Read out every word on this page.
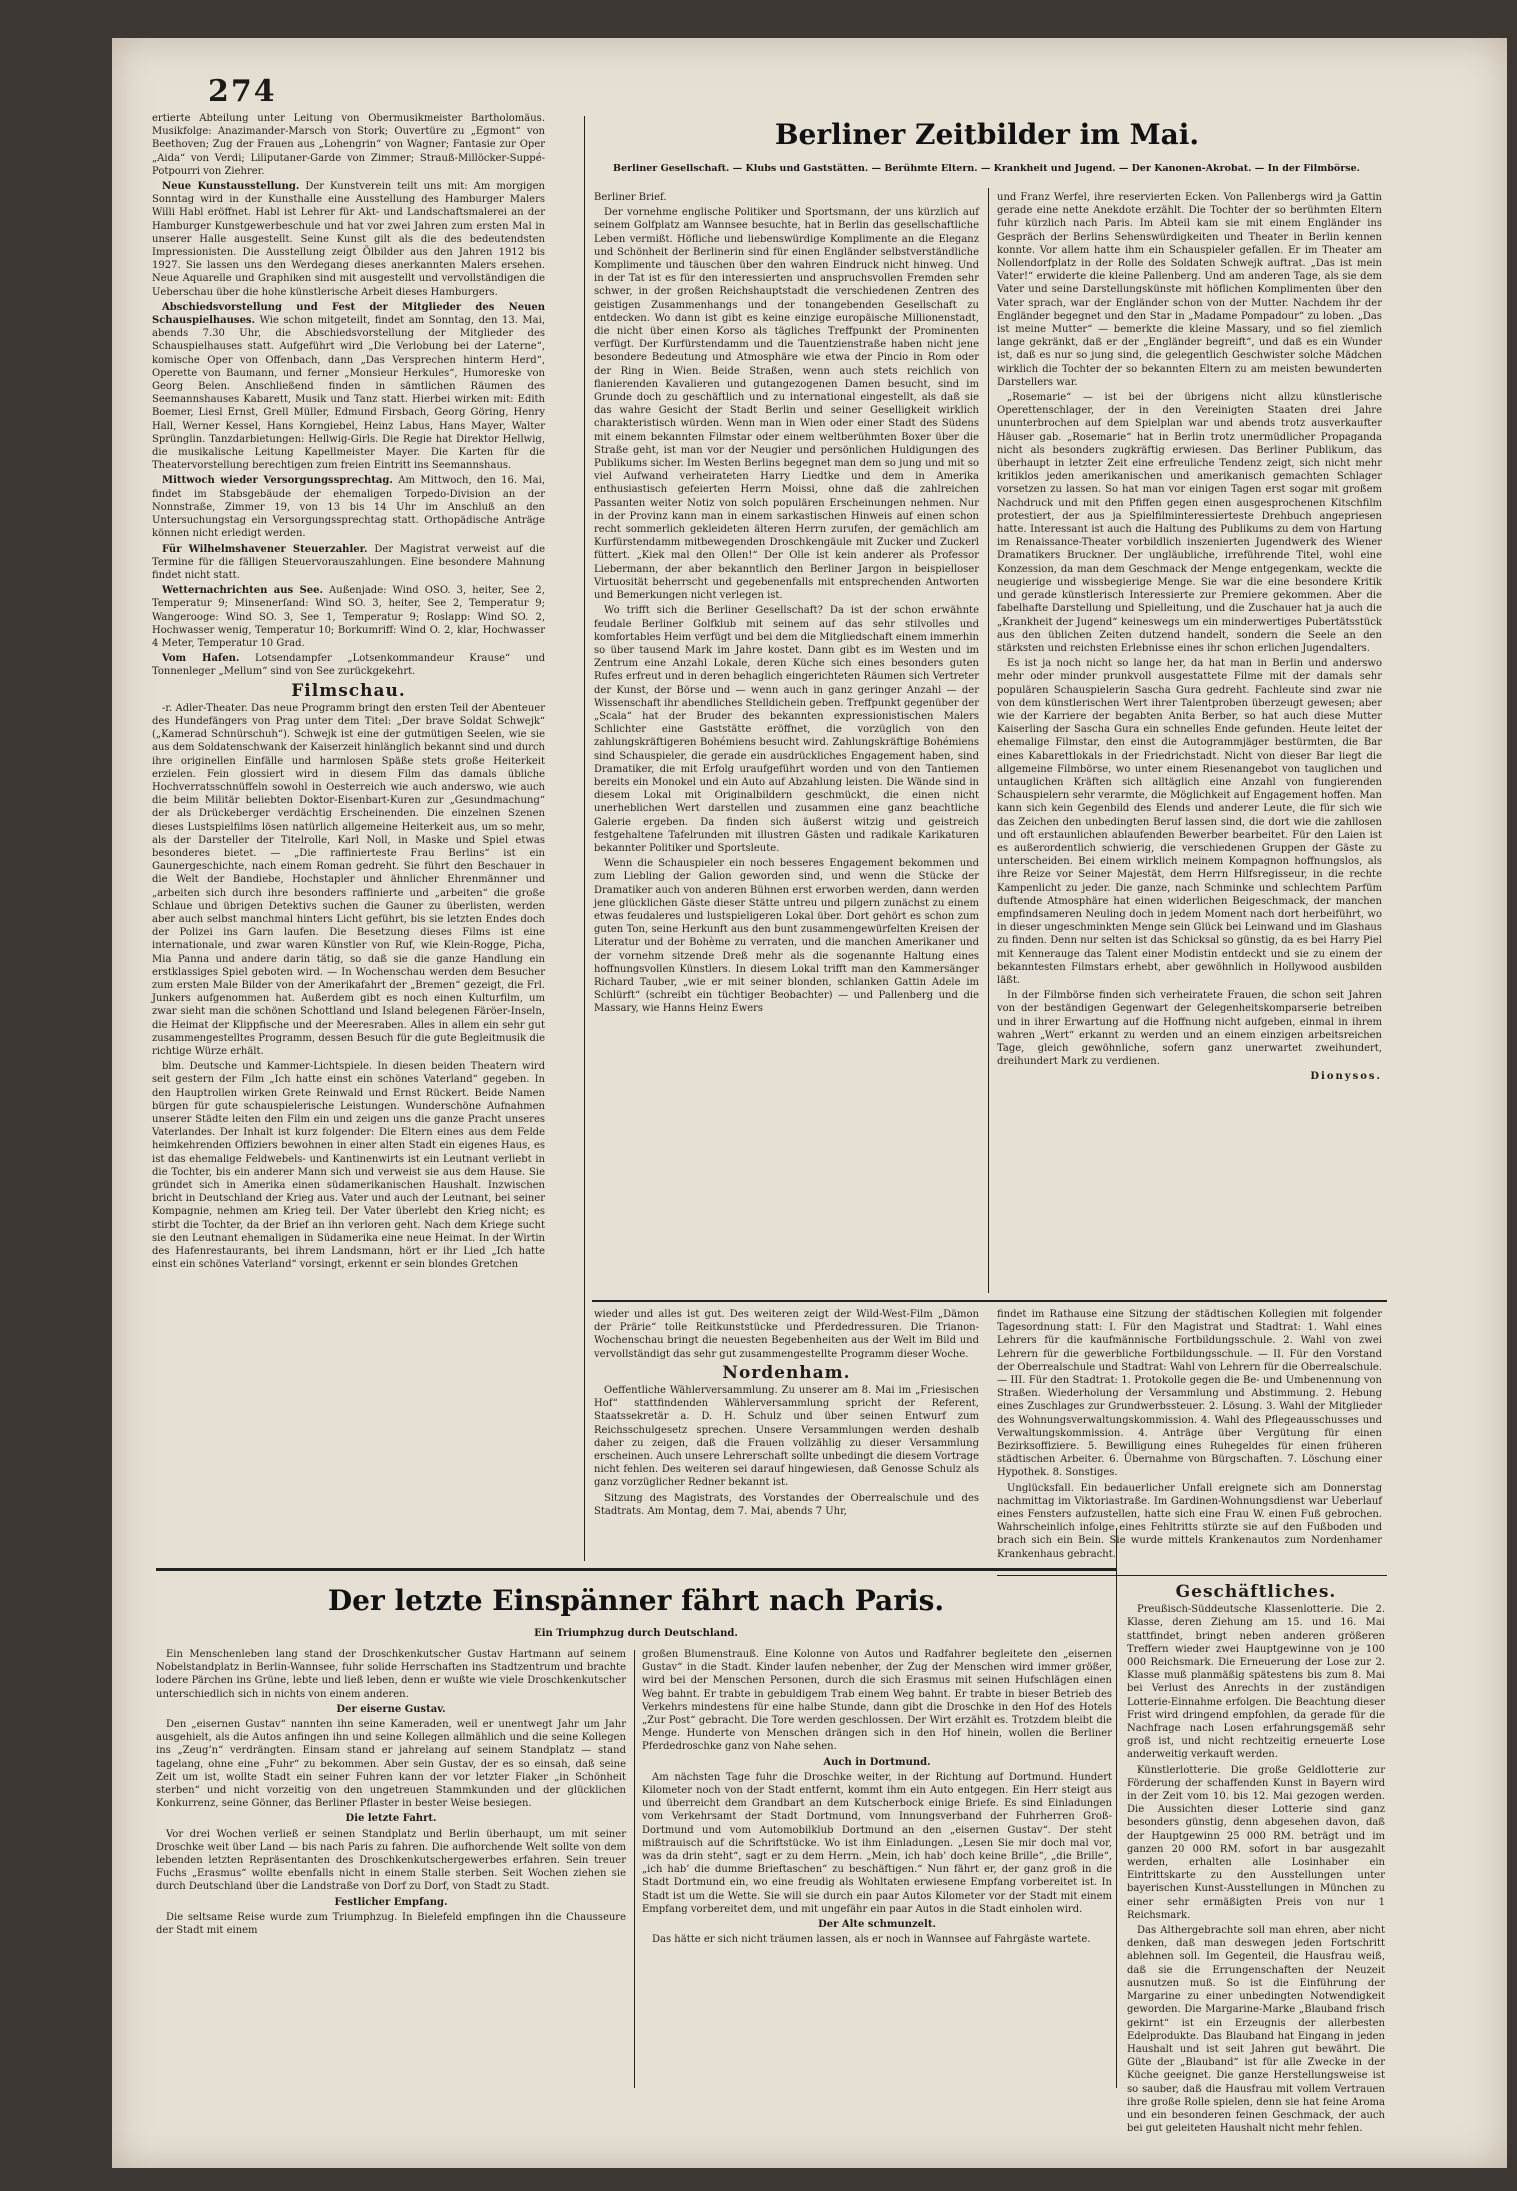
274

ertierte Abteilung unter Leitung von Obermusikmeister Bartholomäus. Musikfolge: Anazimander-Marsch von Stork; Ouvertüre zu „Egmont“ von Beethoven; Zug der Frauen aus „Lohengrin“ von Wagner; Fantasie zur Oper „Aida“ von Verdi; Liliputaner-Garde von Zimmer; Strauß-Millöcker-Suppé-Potpourri von Ziehrer.

Neue Kunstausstellung. Der Kunstverein teilt uns mit: Am morgigen Sonntag wird in der Kunsthalle eine Ausstellung des Hamburger Malers Willi Habl eröffnet. Habl ist Lehrer für Akt- und Landschaftsmalerei an der Hamburger Kunstgewerbeschule und hat vor zwei Jahren zum ersten Mal in unserer Halle ausgestellt. Seine Kunst gilt als die des bedeutendsten Impressionisten. Die Ausstellung zeigt Ölbilder aus den Jahren 1912 bis 1927. Sie lassen uns den Werdegang dieses anerkannten Malers ersehen. Neue Aquarelle und Graphiken sind mit ausgestellt und vervollständigen die Ueberschau über die hohe künstlerische Arbeit dieses Hamburgers.

Abschiedsvorstellung und Fest der Mitglieder des Neuen Schauspielhauses. Wie schon mitgeteilt, findet am Sonntag, den 13. Mai, abends 7.30 Uhr, die Abschiedsvorstellung der Mitglieder des Schauspielhauses statt. Aufgeführt wird „Die Verlobung bei der Laterne“, komische Oper von Offenbach, dann „Das Versprechen hinterm Herd“, Operette von Baumann, und ferner „Monsieur Herkules“, Humoreske von Georg Belen. Anschließend finden in sämtlichen Räumen des Seemannshauses Kabarett, Musik und Tanz statt. Hierbei wirken mit: Edith Boemer, Liesl Ernst, Grell Müller, Edmund Firsbach, Georg Göring, Henry Hall, Werner Kessel, Hans Korngiebel, Heinz Labus, Hans Mayer, Walter Sprünglin. Tanzdarbietungen: Hellwig-Girls. Die Regie hat Direktor Hellwig, die musikalische Leitung Kapellmeister Mayer. Die Karten für die Theatervorstellung berechtigen zum freien Eintritt ins Seemannshaus.

Mittwoch wieder Versorgungssprechtag. Am Mittwoch, den 16. Mai, findet im Stabsgebäude der ehemaligen Torpedo-Division an der Nonnstraße, Zimmer 19, von 13 bis 14 Uhr im Anschluß an den Untersuchungstag ein Versorgungssprechtag statt. Orthopädische Anträge können nicht erledigt werden.

Für Wilhelmshavener Steuerzahler. Der Magistrat verweist auf die Termine für die fälligen Steuervorauszahlungen. Eine besondere Mahnung findet nicht statt.

Wetternachrichten aus See. Außenjade: Wind OSO. 3, heiter, See 2, Temperatur 9; Minsenerſand: Wind SO. 3, heiter, See 2, Temperatur 9; Wangerooge: Wind SO. 3, See 1, Temperatur 9; Roslapp: Wind SO. 2, Hochwasser wenig, Temperatur 10; Borkumriff: Wind O. 2, klar, Hochwasser 4 Meter, Temperatur 10 Grad.

Vom Hafen. Lotsendampfer „Lotsenkommandeur Krause“ und Tonnenleger „Mellum“ sind von See zurückgekehrt.

Filmschau.

-r. Adler-Theater. Das neue Programm bringt den ersten Teil der Abenteuer des Hundefängers von Prag unter dem Titel: „Der brave Soldat Schwejk“ („Kamerad Schnürschuh“). Schwejk ist eine der gutmütigen Seelen, wie sie aus dem Soldatenschwank der Kaiserzeit hinlänglich bekannt sind und durch ihre originellen Einfälle und harmlosen Späße stets große Heiterkeit erzielen. Fein glossiert wird in diesem Film das damals übliche Hochverratsschnüffeln sowohl in Oesterreich wie auch anderswo, wie auch die beim Militär beliebten Doktor-Eisenbart-Kuren zur „Gesundmachung“ der als Drückeberger verdächtig Erscheinenden. Die einzelnen Szenen dieses Lustspielfilms lösen natürlich allgemeine Heiterkeit aus, um so mehr, als der Darsteller der Titelrolle, Karl Noll, in Maske und Spiel etwas besonderes bietet. — „Die raffinierteste Frau Berlins“ ist ein Gaunergeschichte, nach einem Roman gedreht. Sie führt den Beschauer in die Welt der Bandiebe, Hochstapler und ähnlicher Ehrenmänner und „arbeiten sich durch ihre besonders raffinierte und „arbeiten“ die große Schlaue und übrigen Detektivs suchen die Gauner zu überlisten, werden aber auch selbst manchmal hinters Licht geführt, bis sie letzten Endes doch der Polizei ins Garn laufen. Die Besetzung dieses Films ist eine internationale, und zwar waren Künstler von Ruf, wie Klein-Rogge, Picha, Mia Panna und andere darin tätig, so daß sie die ganze Handlung ein erstklassiges Spiel geboten wird. — In Wochenschau werden dem Besucher zum ersten Male Bilder von der Amerikafahrt der „Bremen“ gezeigt, die Frl. Junkers aufgenommen hat. Außerdem gibt es noch einen Kulturfilm, um zwar sieht man die schönen Schottland und Island belegenen Färöer-Inseln, die Heimat der Klippfische und der Meeresraben. Alles in allem ein sehr gut zusammengestelltes Programm, dessen Besuch für die gute Begleitmusik die richtige Würze erhält.

blm. Deutsche und Kammer-Lichtspiele. In diesen beiden Theatern wird seit gestern der Film „Ich hatte einst ein schönes Vaterland“ gegeben. In den Hauptrollen wirken Grete Reinwald und Ernst Rückert. Beide Namen bürgen für gute schauspielerische Leistungen. Wunderschöne Aufnahmen unserer Städte leiten den Film ein und zeigen uns die ganze Pracht unseres Vaterlandes. Der Inhalt ist kurz folgender: Die Eltern eines aus dem Felde heimkehrenden Offiziers bewohnen in einer alten Stadt ein eigenes Haus, es ist das ehemalige Feldwebels- und Kantinenwirts ist ein Leutnant verliebt in die Tochter, bis ein anderer Mann sich und verweist sie aus dem Hause. Sie gründet sich in Amerika einen südamerikanischen Haushalt. Inzwischen bricht in Deutschland der Krieg aus. Vater und auch der Leutnant, bei seiner Kompagnie, nehmen am Krieg teil. Der Vater überlebt den Krieg nicht; es stirbt die Tochter, da der Brief an ihn verloren geht. Nach dem Kriege sucht sie den Leutnant ehemaligen in Südamerika eine neue Heimat. In der Wirtin des Hafenrestaurants, bei ihrem Landsmann, hört er ihr Lied „Ich hatte einst ein schönes Vaterland“ vorsingt, erkennt er sein blondes Gretchen

Berliner Zeitbilder im Mai.
Berliner Gesellschaft. — Klubs und Gaststätten. — Berühmte Eltern. — Krankheit und Jugend. — Der Kanonen-Akrobat. — In der Filmbörse.

Berliner Brief.

Der vornehme englische Politiker und Sportsmann, der uns kürzlich auf seinem Golfplatz am Wannsee besuchte, hat in Berlin das gesellschaftliche Leben vermißt. Höfliche und liebenswürdige Komplimente an die Eleganz und Schönheit der Berlinerin sind für einen Engländer selbstverständliche Komplimente und täuschen über den wahren Eindruck nicht hinweg. Und in der Tat ist es für den interessierten und anspruchsvollen Fremden sehr schwer, in der großen Reichshauptstadt die verschiedenen Zentren des geistigen Zusammenhangs und der tonangebenden Gesellschaft zu entdecken. Wo dann ist gibt es keine einzige europäische Millionenstadt, die nicht über einen Korso als tägliches Treffpunkt der Prominenten verfügt. Der Kurfürstendamm und die Tauentzienstraße haben nicht jene besondere Bedeutung und Atmosphäre wie etwa der Pincio in Rom oder der Ring in Wien. Beide Straßen, wenn auch stets reichlich von flanierenden Kavalieren und gutangezogenen Damen besucht, sind im Grunde doch zu geschäftlich und zu international eingestellt, als daß sie das wahre Gesicht der Stadt Berlin und seiner Geselligkeit wirklich charakteristisch würden. Wenn man in Wien oder einer Stadt des Südens mit einem bekannten Filmstar oder einem weltberühmten Boxer über die Straße geht, ist man vor der Neugier und persönlichen Huldigungen des Publikums sicher. Im Westen Berlins begegnet man dem so jung und mit so viel Aufwand verheirateten Harry Liedtke und dem in Amerika enthusiastisch gefeierten Herrn Moissi, ohne daß die zahlreichen Passanten weiter Notiz von solch populären Erscheinungen nehmen. Nur in der Provinz kann man in einem sarkastischen Hinweis auf einen schon recht sommerlich gekleideten älteren Herrn zurufen, der gemächlich am Kurfürstendamm mitbewegenden Droschkengäule mit Zucker und Zuckerl füttert. „Kiek mal den Ollen!“ Der Olle ist kein anderer als Professor Liebermann, der aber bekanntlich den Berliner Jargon in beispielloser Virtuosität beherrscht und gegebenenfalls mit entsprechenden Antworten und Bemerkungen nicht verlegen ist.

Wo trifft sich die Berliner Gesellschaft? Da ist der schon erwähnte feudale Berliner Golfklub mit seinem auf das sehr stilvolles und komfortables Heim verfügt und bei dem die Mitgliedschaft einem immerhin so über tausend Mark im Jahre kostet. Dann gibt es im Westen und im Zentrum eine Anzahl Lokale, deren Küche sich eines besonders guten Rufes erfreut und in deren behaglich eingerichteten Räumen sich Vertreter der Kunst, der Börse und — wenn auch in ganz geringer Anzahl — der Wissenschaft ihr abendliches Stelldichein geben. Treffpunkt gegenüber der „Scala“ hat der Bruder des bekannten expressionistischen Malers Schlichter eine Gaststätte eröffnet, die vorzüglich von den zahlungskräftigeren Bohémiens besucht wird. Zahlungskräftige Bohémiens sind Schauspieler, die gerade ein ausdrückliches Engagement haben, sind Dramatiker, die mit Erfolg uraufgeführt worden und von den Tantiemen bereits ein Monokel und ein Auto auf Abzahlung leisten. Die Wände sind in diesem Lokal mit Originalbildern geschmückt, die einen nicht unerheblichen Wert darstellen und zusammen eine ganz beachtliche Galerie ergeben. Da finden sich äußerst witzig und geistreich festgehaltene Tafelrunden mit illustren Gästen und radikale Karikaturen bekannter Politiker und Sportsleute.

Wenn die Schauspieler ein noch besseres Engagement bekommen und zum Liebling der Galion geworden sind, und wenn die Stücke der Dramatiker auch von anderen Bühnen erst erworben werden, dann werden jene glücklichen Gäste dieser Stätte untreu und pilgern zunächst zu einem etwas feudaleres und lustspieligeren Lokal über. Dort gehört es schon zum guten Ton, seine Herkunft aus den bunt zusammengewürfelten Kreisen der Literatur und der Bohème zu verraten, und die manchen Amerikaner und der vornehm sitzende Dreß mehr als die sogenannte Haltung eines hoffnungsvollen Künstlers. In diesem Lokal trifft man den Kammersänger Richard Tauber, „wie er mit seiner blonden, schlanken Gattin Adele im Schlürft“ (schreibt ein tüchtiger Beobachter) — und Pallenberg und die Massary, wie Hanns Heinz Ewers

und Franz Werfel, ihre reservierten Ecken. Von Pallenbergs wird ja Gattin gerade eine nette Anekdote erzählt. Die Tochter der so berühmten Eltern fuhr kürzlich nach Paris. Im Abteil kam sie mit einem Engländer ins Gespräch der Berlins Sehenswürdigkeiten und Theater in Berlin kennen konnte. Vor allem hatte ihm ein Schauspieler gefallen. Er im Theater am Nollendorfplatz in der Rolle des Soldaten Schwejk auftrat. „Das ist mein Vater!“ erwiderte die kleine Pallenberg. Und am anderen Tage, als sie dem Vater und seine Darstellungskünste mit höflichen Komplimenten über den Vater sprach, war der Engländer schon von der Mutter. Nachdem ihr der Engländer begegnet und den Star in „Madame Pompadour“ zu loben. „Das ist meine Mutter“ — bemerkte die kleine Massary, und so fiel ziemlich lange gekränkt, daß er der „Engländer begreift“, und daß es ein Wunder ist, daß es nur so jung sind, die gelegentlich Geschwister solche Mädchen wirklich die Tochter der so bekannten Eltern zu am meisten bewunderten Darstellers war.

„Rosemarie“ — ist bei der übrigens nicht allzu künstlerische Operettenschlager, der in den Vereinigten Staaten drei Jahre ununterbrochen auf dem Spielplan war und abends trotz ausverkaufter Häuser gab. „Rosemarie“ hat in Berlin trotz unermüdlicher Propaganda nicht als besonders zugkräftig erwiesen. Das Berliner Publikum, das überhaupt in letzter Zeit eine erfreuliche Tendenz zeigt, sich nicht mehr kritiklos jeden amerikanischen und amerikanisch gemachten Schlager vorsetzen zu lassen. So hat man vor einigen Tagen erst sogar mit großem Nachdruck und mit den Pfiffen gegen einen ausgesprochenen Kitschfilm protestiert, der aus ja Spielfilminteressierteste Drehbuch angepriesen hatte. Interessant ist auch die Haltung des Publikums zu dem von Hartung im Renaissance-Theater vorbildlich inszenierten Jugendwerk des Wiener Dramatikers Bruckner. Der ungläubliche, irreführende Titel, wohl eine Konzession, da man dem Geschmack der Menge entgegenkam, weckte die neugierige und wissbegierige Menge. Sie war die eine besondere Kritik und gerade künstlerisch Interessierte zur Premiere gekommen. Aber die fabelhafte Darstellung und Spielleitung, und die Zuschauer hat ja auch die „Krankheit der Jugend“ keineswegs um ein minderwertiges Pubertätsstück aus den üblichen Zeiten dutzend handelt, sondern die Seele an den stärksten und reichsten Erlebnisse eines ihr schon erlichen Jugendalters.

Es ist ja noch nicht so lange her, da hat man in Berlin und anderswo mehr oder minder prunkvoll ausgestattete Filme mit der damals sehr populären Schauspielerin Sascha Gura gedreht. Fachleute sind zwar nie von dem künstlerischen Wert ihrer Talentproben überzeugt gewesen; aber wie der Karriere der begabten Anita Berber, so hat auch diese Mutter Kaiserling der Sascha Gura ein schnelles Ende gefunden. Heute leitet der ehemalige Filmstar, den einst die Autogrammjäger bestürmten, die Bar eines Kabarettlokals in der Friedrichstadt. Nicht von dieser Bar liegt die allgemeine Filmbörse, wo unter einem Riesenangebot von tauglichen und untauglichen Kräften sich alltäglich eine Anzahl von fungierenden Schauspielern sehr verarmte, die Möglichkeit auf Engagement hoffen. Man kann sich kein Gegenbild des Elends und anderer Leute, die für sich wie das Zeichen den unbedingten Beruf lassen sind, die dort wie die zahllosen und oft erstaunlichen ablaufenden Bewerber bearbeitet. Für den Laien ist es außerordentlich schwierig, die verschiedenen Gruppen der Gäste zu unterscheiden. Bei einem wirklich meinem Kompagnon hoffnungslos, als ihre Reize vor Seiner Majestät, dem Herrn Hilfsregisseur, in die rechte Kampenlicht zu jeder. Die ganze, nach Schminke und schlechtem Parfüm duftende Atmosphäre hat einen widerlichen Beigeschmack, der manchen empfindsameren Neuling doch in jedem Moment nach dort herbeiführt, wo in dieser ungeschminkten Menge sein Glück bei Leinwand und im Glashaus zu finden. Denn nur selten ist das Schicksal so günstig, da es bei Harry Piel mit Kennerauge das Talent einer Modistin entdeckt und sie zu einem der bekanntesten Filmstars erhebt, aber gewöhnlich in Hollywood ausbilden läßt.

In der Filmbörse finden sich verheiratete Frauen, die schon seit Jahren von der beständigen Gegenwart der Gelegenheitskomparserie betreiben und in ihrer Erwartung auf die Hoffnung nicht aufgeben, einmal in ihrem wahren „Wert“ erkannt zu werden und an einem einzigen arbeitsreichen Tage, gleich gewöhnliche, sofern ganz unerwartet zweihundert, dreihundert Mark zu verdienen.

Dionysos.

wieder und alles ist gut. Des weiteren zeigt der Wild-West-Film „Dämon der Prärie“ tolle Reitkunststücke und Pferdedressuren. Die Trianon-Wochenschau bringt die neuesten Begebenheiten aus der Welt im Bild und vervollständigt das sehr gut zusammengestellte Programm dieser Woche.

Nordenham.

Oeffentliche Wählerversammlung. Zu unserer am 8. Mai im „Friesischen Hof“ stattfindenden Wählerversammlung spricht der Referent, Staatssekretär a. D. H. Schulz und über seinen Entwurf zum Reichsschulgesetz sprechen. Unsere Versammlungen werden deshalb daher zu zeigen, daß die Frauen vollzählig zu dieser Versammlung erscheinen. Auch unsere Lehrerschaft sollte unbedingt die diesem Vortrage nicht fehlen. Des weiteren sei darauf hingewiesen, daß Genosse Schulz als ganz vorzüglicher Redner bekannt ist.

Sitzung des Magistrats, des Vorstandes der Oberrealschule und des Stadtrats. Am Montag, dem 7. Mai, abends 7 Uhr,

findet im Rathause eine Sitzung der städtischen Kollegien mit folgender Tagesordnung statt: I. Für den Magistrat und Stadtrat: 1. Wahl eines Lehrers für die kaufmännische Fortbildungsschule. 2. Wahl von zwei Lehrern für die gewerbliche Fortbildungsschule. — II. Für den Vorstand der Oberrealschule und Stadtrat: Wahl von Lehrern für die Oberrealschule. — III. Für den Stadtrat: 1. Protokolle gegen die Be- und Umbenennung von Straßen. Wiederholung der Versammlung und Abstimmung. 2. Hebung eines Zuschlages zur Grundwerbssteuer. 2. Lösung. 3. Wahl der Mitglieder des Wohnungsverwaltungskommission. 4. Wahl des Pflegeausschusses und Verwaltungskommission. 4. Anträge über Vergütung für einen Bezirksoffiziere. 5. Bewilligung eines Ruhegeldes für einen früheren städtischen Arbeiter. 6. Übernahme von Bürgschaften. 7. Löschung einer Hypothek. 8. Sonstiges.

Unglücksfall. Ein bedauerlicher Unfall ereignete sich am Donnerstag nachmittag im Viktoriastraße. Im Gardinen-Wohnungsdienst war Ueberlauf eines Fensters aufzustellen, hatte sich eine Frau W. einen Fuß gebrochen. Wahrscheinlich infolge eines Fehltritts stürzte sie auf den Fußboden und brach sich ein Bein. Sie wurde mittels Krankenautos zum Nordenhamer Krankenhaus gebracht.

Der letzte Einspänner fährt nach Paris.
Ein Triumphzug durch Deutschland.

Ein Menschenleben lang stand der Droschkenkutscher Gustav Hartmann auf seinem Nobelstandplatz in Berlin-Wannsee, fuhr solide Herrschaften ins Stadtzentrum und brachte lodere Pärchen ins Grüne, lebte und ließ leben, denn er wußte wie viele Droschkenkutscher unterschiedlich sich in nichts von einem anderen.

Der eiserne Gustav.

Den „eisernen Gustav“ nannten ihn seine Kameraden, weil er unentwegt Jahr um Jahr ausgehielt, als die Autos anfingen ihn und seine Kollegen allmählich und die seine Kollegen ins „Zeug’n“ verdrängten. Einsam stand er jahrelang auf seinem Standplatz — stand tagelang, ohne eine „Fuhr“ zu bekommen. Aber sein Gustav, der es so einsah, daß seine Zeit um ist, wollte Stadt ein seiner Fuhren kann der vor letzter Fiaker „in Schönheit sterben“ und nicht vorzeitig von den ungetreuen Stammkunden und der glücklichen Konkurrenz, seine Gönner, das Berliner Pflaster in bester Weise besiegen.

Die letzte Fahrt.

Vor drei Wochen verließ er seinen Standplatz und Berlin überhaupt, um mit seiner Droschke weit über Land — bis nach Paris zu fahren. Die aufhorchende Welt sollte von dem lebenden letzten Repräsentanten des Droschkenkutschergewerbes erfahren. Sein treuer Fuchs „Erasmus“ wollte ebenfalls nicht in einem Stalle sterben. Seit Wochen ziehen sie durch Deutschland über die Landstraße von Dorf zu Dorf, von Stadt zu Stadt.

Festlicher Empfang.

Die seltsame Reise wurde zum Triumphzug. In Bielefeld empfingen ihn die Chausseure der Stadt mit einem

großen Blumenstrauß. Eine Kolonne von Autos und Radfahrer begleitete den „eisernen Gustav“ in die Stadt. Kinder laufen nebenher, der Zug der Menschen wird immer größer, wird bei der Menschen Personen, durch die sich Erasmus mit seinen Hufschlägen einen Weg bahnt. Er trabte in gebuldigem Trab einem Weg bahnt. Er trabte in bieser Betrieb des Verkehrs mindestens für eine halbe Stunde, dann gibt die Droschke in den Hof des Hotels „Zur Post“ gebracht. Die Tore werden geschlossen. Der Wirt erzählt es. Trotzdem bleibt die Menge. Hunderte von Menschen drängen sich in den Hof hinein, wollen die Berliner Pferdedroschke ganz von Nahe sehen.

Auch in Dortmund.

Am nächsten Tage fuhr die Droschke weiter, in der Richtung auf Dortmund. Hundert Kilometer noch von der Stadt entfernt, kommt ihm ein Auto entgegen. Ein Herr steigt aus und überreicht dem Grandbart an dem Kutscherbock einige Briefe. Es sind Einladungen vom Verkehrsamt der Stadt Dortmund, vom Innungsverband der Fuhrherren Groß-Dortmund und vom Automobilklub Dortmund an den „eisernen Gustav“. Der steht mißtrauisch auf die Schriftstücke. Wo ist ihm Einladungen. „Lesen Sie mir doch mal vor, was da drin steht“, sagt er zu dem Herrn. „Mein, ich hab’ doch keine Brille“, „die Brille“, „ich hab’ die dumme Brieftaschen“ zu beschäftigen.“ Nun fährt er, der ganz groß in die Stadt Dortmund ein, wo eine freudig als Wohltaten erwiesene Empfang vorbereitet ist. In Stadt ist um die Wette. Sie will sie durch ein paar Autos Kilometer vor der Stadt mit einem Empfang vorbereitet dem, und mit ungefähr ein paar Autos in die Stadt einholen wird.

Der Alte schmunzelt.

Das hätte er sich nicht träumen lassen, als er noch in Wannsee auf Fahrgäste wartete.

Geschäftliches.

Preußisch-Süddeutsche Klassenlotterie. Die 2. Klasse, deren Ziehung am 15. und 16. Mai stattfindet, bringt neben anderen größeren Treffern wieder zwei Hauptgewinne von je 100 000 Reichsmark. Die Erneuerung der Lose zur 2. Klasse muß planmäßig spätestens bis zum 8. Mai bei Verlust des Anrechts in der zuständigen Lotterie-Einnahme erfolgen. Die Beachtung dieser Frist wird dringend empfohlen, da gerade für die Nachfrage nach Losen erfahrungsgemäß sehr groß ist, und nicht rechtzeitig erneuerte Lose anderweitig verkauft werden.

Künstlerlotterie. Die große Geldlotterie zur Förderung der schaffenden Kunst in Bayern wird in der Zeit vom 10. bis 12. Mai gezogen werden. Die Aussichten dieser Lotterie sind ganz besonders günstig, denn abgesehen davon, daß der Hauptgewinn 25 000 RM. beträgt und im ganzen 20 000 RM. sofort in bar ausgezahlt werden, erhalten alle Losinhaber ein Eintrittskarte zu den Ausstellungen unter bayerischen Kunst-Ausstellungen in München zu einer sehr ermäßigten Preis von nur 1 Reichsmark.

Das Althergebrachte soll man ehren, aber nicht denken, daß man deswegen jeden Fortschritt ablehnen soll. Im Gegenteil, die Hausfrau weiß, daß sie die Errungenschaften der Neuzeit ausnutzen muß. So ist die Einführung der Margarine zu einer unbedingten Notwendigkeit geworden. Die Margarine-Marke „Blauband frisch gekirnt“ ist ein Erzeugnis der allerbesten Edelprodukte. Das Blauband hat Eingang in jeden Haushalt und ist seit Jahren gut bewährt. Die Güte der „Blauband“ ist für alle Zwecke in der Küche geeignet. Die ganze Herstellungsweise ist so sauber, daß die Hausfrau mit vollem Vertrauen ihre große Rolle spielen, denn sie hat feine Aroma und ein besonderen feinen Geschmack, der auch bei gut geleiteten Haushalt nicht mehr fehlen.
